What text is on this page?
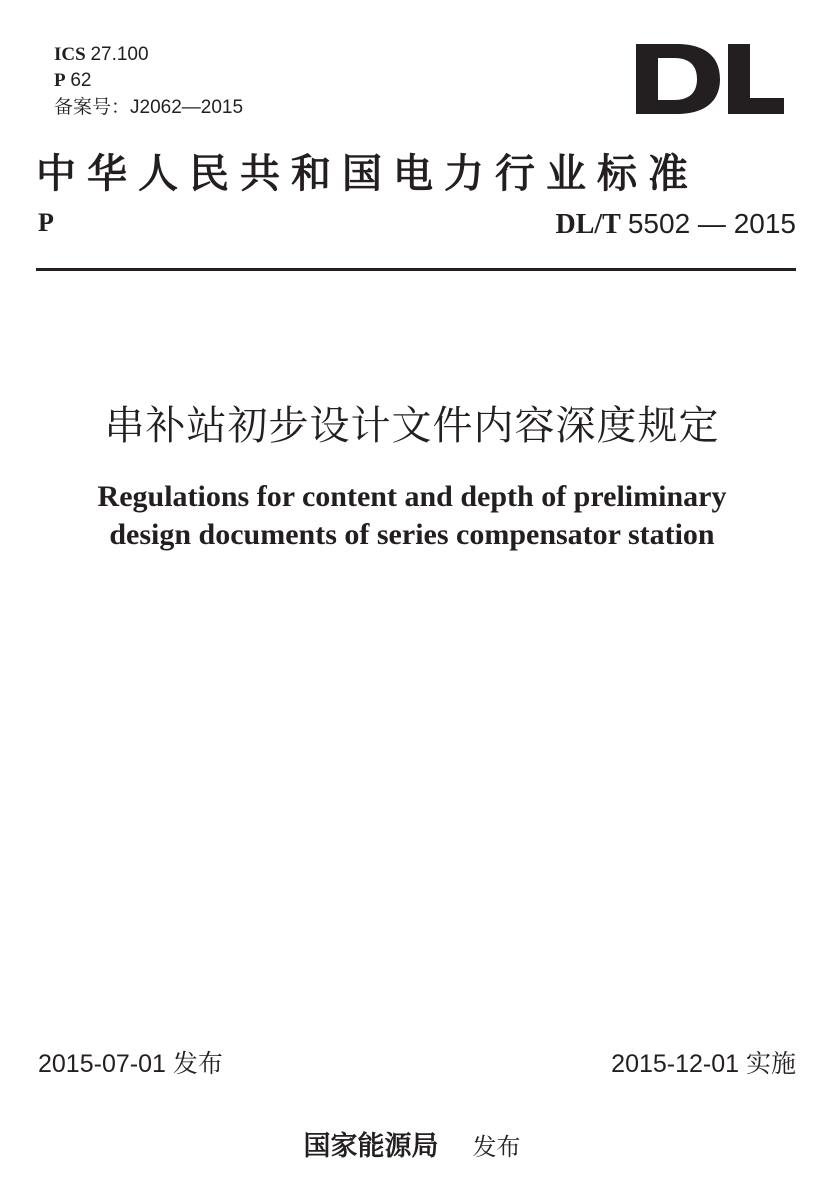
ICS 27.100
P 62
备案号：J2062—2015
中华人民共和国电力行业标准
P	DL/T 5502 — 2015
串补站初步设计文件内容深度规定
Regulations for content and depth of preliminary
design documents of series compensator station
2015-07-01 发布	2015-12-01 实施
国家能源局 发布
